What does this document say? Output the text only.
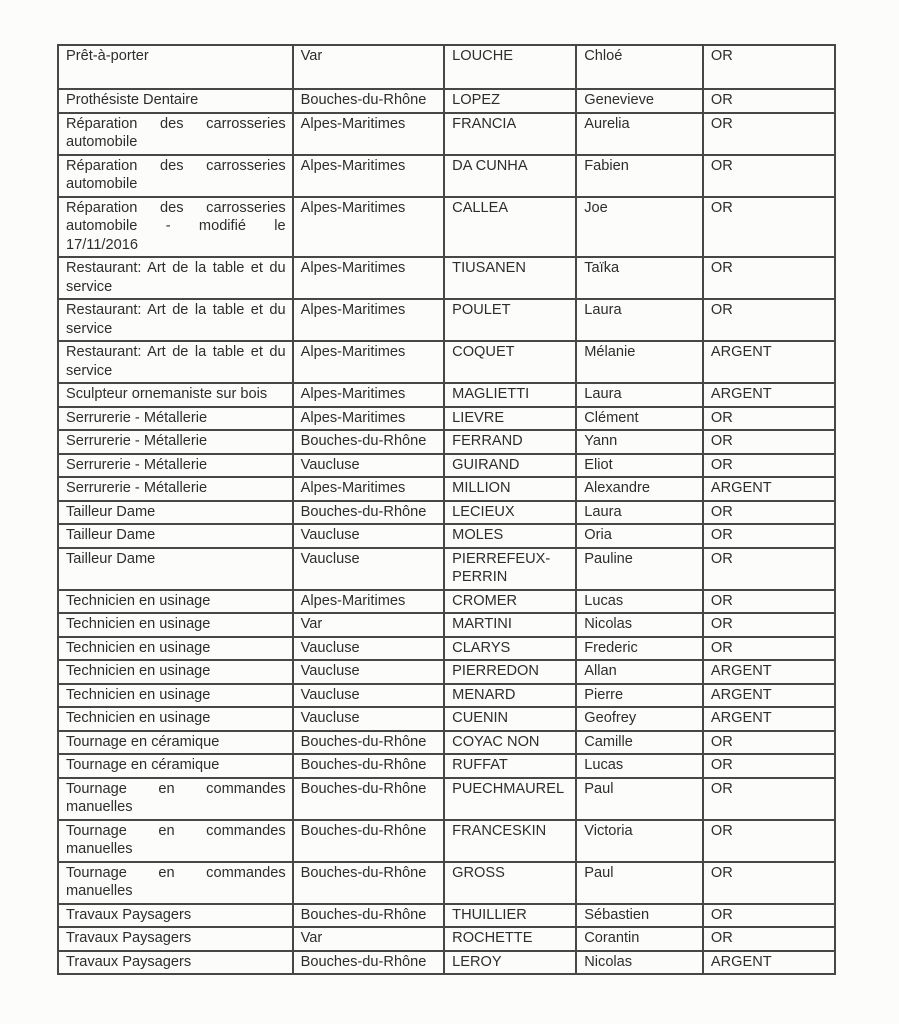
Prêt-à-porter	Var	LOUCHE	Chloé	OR
Prothésiste Dentaire	Bouches-du-Rhône	LOPEZ	Genevieve	OR
Réparation des carrosseries automobile	Alpes-Maritimes	FRANCIA	Aurelia	OR
Réparation des carrosseries automobile	Alpes-Maritimes	DA CUNHA	Fabien	OR
Réparation des carrosseries automobile - modifié le 17/11/2016	Alpes-Maritimes	CALLEA	Joe	OR
Restaurant: Art de la table et du service	Alpes-Maritimes	TIUSANEN	Taïka	OR
Restaurant: Art de la table et du service	Alpes-Maritimes	POULET	Laura	OR
Restaurant: Art de la table et du service	Alpes-Maritimes	COQUET	Mélanie	ARGENT
Sculpteur ornemaniste sur bois	Alpes-Maritimes	MAGLIETTI	Laura	ARGENT
Serrurerie - Métallerie	Alpes-Maritimes	LIEVRE	Clément	OR
Serrurerie - Métallerie	Bouches-du-Rhône	FERRAND	Yann	OR
Serrurerie - Métallerie	Vaucluse	GUIRAND	Eliot	OR
Serrurerie - Métallerie	Alpes-Maritimes	MILLION	Alexandre	ARGENT
Tailleur Dame	Bouches-du-Rhône	LECIEUX	Laura	OR
Tailleur Dame	Vaucluse	MOLES	Oria	OR
Tailleur Dame	Vaucluse	PIERREFEUX-PERRIN	Pauline	OR
Technicien en usinage	Alpes-Maritimes	CROMER	Lucas	OR
Technicien en usinage	Var	MARTINI	Nicolas	OR
Technicien en usinage	Vaucluse	CLARYS	Frederic	OR
Technicien en usinage	Vaucluse	PIERREDON	Allan	ARGENT
Technicien en usinage	Vaucluse	MENARD	Pierre	ARGENT
Technicien en usinage	Vaucluse	CUENIN	Geofrey	ARGENT
Tournage en céramique	Bouches-du-Rhône	COYAC NON	Camille	OR
Tournage en céramique	Bouches-du-Rhône	RUFFAT	Lucas	OR
Tournage en commandes manuelles	Bouches-du-Rhône	PUECHMAUREL	Paul	OR
Tournage en commandes manuelles	Bouches-du-Rhône	FRANCESKIN	Victoria	OR
Tournage en commandes manuelles	Bouches-du-Rhône	GROSS	Paul	OR
Travaux Paysagers	Bouches-du-Rhône	THUILLIER	Sébastien	OR
Travaux Paysagers	Var	ROCHETTE	Corantin	OR
Travaux Paysagers	Bouches-du-Rhône	LEROY	Nicolas	ARGENT
